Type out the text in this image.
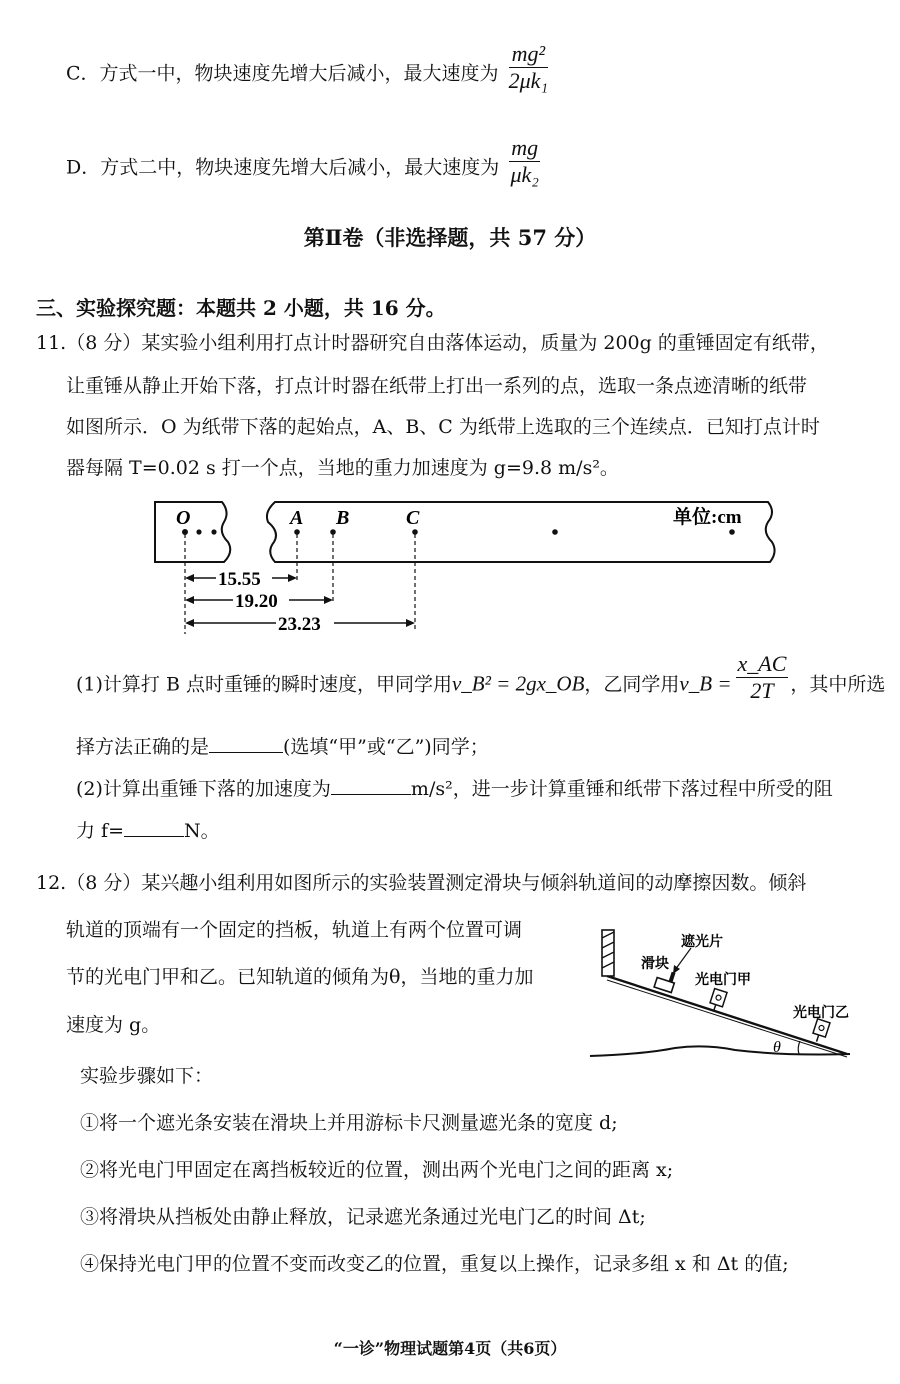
C．方式一中，物块速度先增大后减小，最大速度为 $\frac{\text{mg²}}{\text{2μk₁}}$
D．方式二中，物块速度先增大后减小，最大速度为 $\frac{mg}{\text{μk₂}}$
第Ⅱ卷（非选择题，共 57 分）
三、实验探究题：本题共 2 小题，共 16 分。
11.（8 分）某实验小组利用打点计时器研究自由落体运动，质量为 200g 的重锤固定有纸带，
让重锤从静止开始下落，打点计时器在纸带上打出一系列的点，选取一条点迹清晰的纸带
如图所示．O 为纸带下落的起始点，A、B、C 为纸带上选取的三个连续点．已知打点计时
器每隔 T=0.02 s 打一个点，当地的重力加速度为 g=9.8 m/s²。
O	A B	C	单位:cm
15.55
19.20
23.23
(1)计算打 B 点时重锤的瞬时速度，甲同学用v_B² = 2gx_OB，乙同学用v_B = $\frac{x\_AC}{2T}$ ，其中所选
择方法正确的是	(选填“甲”或“乙”)同学；
(2)计算出重锤下落的加速度为	m/s²，进一步计算重锤和纸带下落过程中所受的阻
力 f=	N。
12.（8 分）某兴趣小组利用如图所示的实验装置测定滑块与倾斜轨道间的动摩擦因数。倾斜
轨道的顶端有一个固定的挡板，轨道上有两个位置可调
节的光电门甲和乙。已知轨道的倾角为θ，当地的重力加
速度为 g。
遮光片
滑块
光电门甲
光电门乙
θ
实验步骤如下：
①将一个遮光条安装在滑块上并用游标卡尺测量遮光条的宽度 d;
②将光电门甲固定在离挡板较近的位置，测出两个光电门之间的距离 x;
③将滑块从挡板处由静止释放，记录遮光条通过光电门乙的时间 Δt;
④保持光电门甲的位置不变而改变乙的位置，重复以上操作，记录多组 x 和 Δt 的值;
“一诊”物理试题第4页（共6页）
